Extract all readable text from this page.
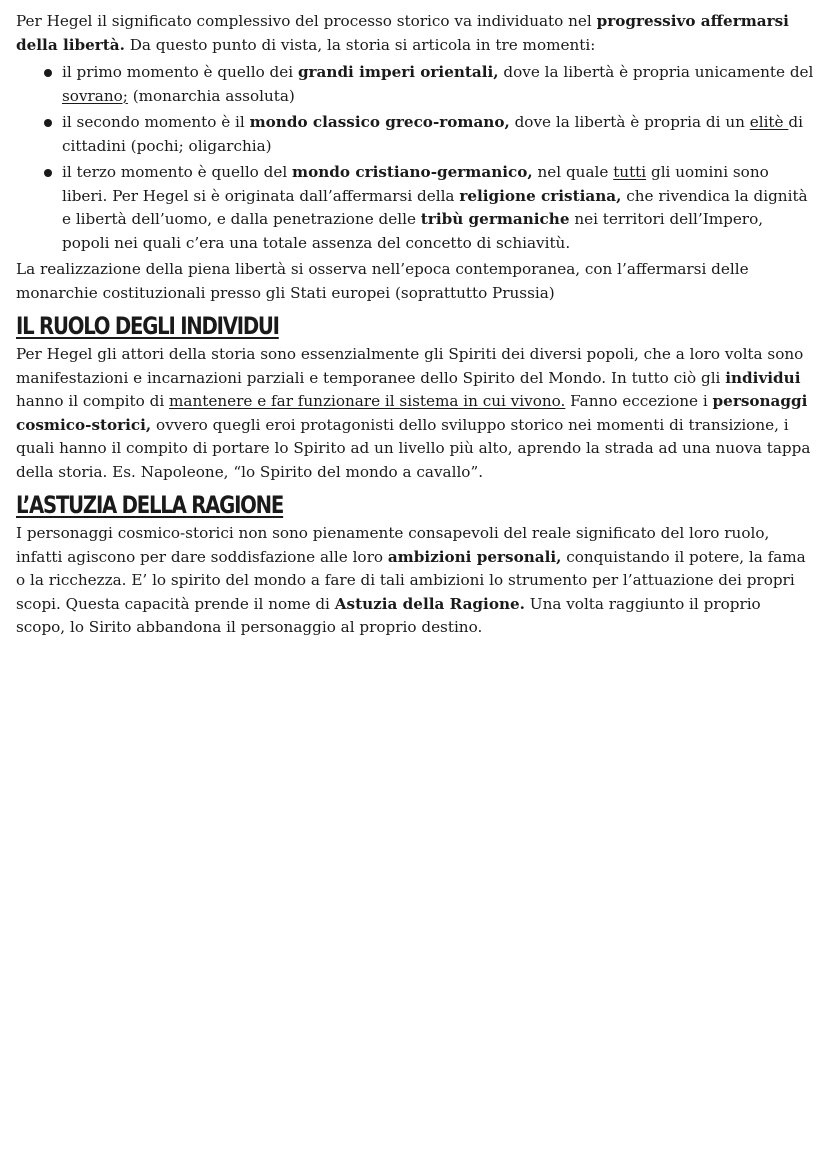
Per Hegel il significato complessivo del processo storico va individuato nel progressivo affermarsi della libertà. Da questo punto di vista, la storia si articola in tre momenti:

il primo momento è quello dei grandi imperi orientali, dove la libertà è propria unicamente del sovrano; (monarchia assoluta)
il secondo momento è il mondo classico greco-romano, dove la libertà è propria di un elitè di cittadini (pochi; oligarchia)
il terzo momento è quello del mondo cristiano-germanico, nel quale tutti gli uomini sono liberi. Per Hegel si è originata dall’affermarsi della religione cristiana, che rivendica la dignità e libertà dell’uomo, e dalla penetrazione delle tribù germaniche nei territori dell’Impero, popoli nei quali c’era una totale assenza del concetto di schiavitù.

La realizzazione della piena libertà si osserva nell’epoca contemporanea, con l’affermarsi delle monarchie costituzionali presso gli Stati europei (soprattutto Prussia)

IL RUOLO DEGLI INDIVIDUI

Per Hegel gli attori della storia sono essenzialmente gli Spiriti dei diversi popoli, che a loro volta sono manifestazioni e incarnazioni parziali e temporanee dello Spirito del Mondo. In tutto ciò gli individui hanno il compito di mantenere e far funzionare il sistema in cui vivono. Fanno eccezione i personaggi cosmico-storici, ovvero quegli eroi protagonisti dello sviluppo storico nei momenti di transizione, i quali hanno il compito di portare lo Spirito ad un livello più alto, aprendo la strada ad una nuova tappa della storia. Es. Napoleone, “lo Spirito del mondo a cavallo”.

L’ASTUZIA DELLA RAGIONE

I personaggi cosmico-storici non sono pienamente consapevoli del reale significato del loro ruolo, infatti agiscono per dare soddisfazione alle loro ambizioni personali, conquistando il potere, la fama o la ricchezza. E’ lo spirito del mondo a fare di tali ambizioni lo strumento per l’attuazione dei propri scopi. Questa capacità prende il nome di Astuzia della Ragione. Una volta raggiunto il proprio scopo, lo Sirito abbandona il personaggio al proprio destino.
